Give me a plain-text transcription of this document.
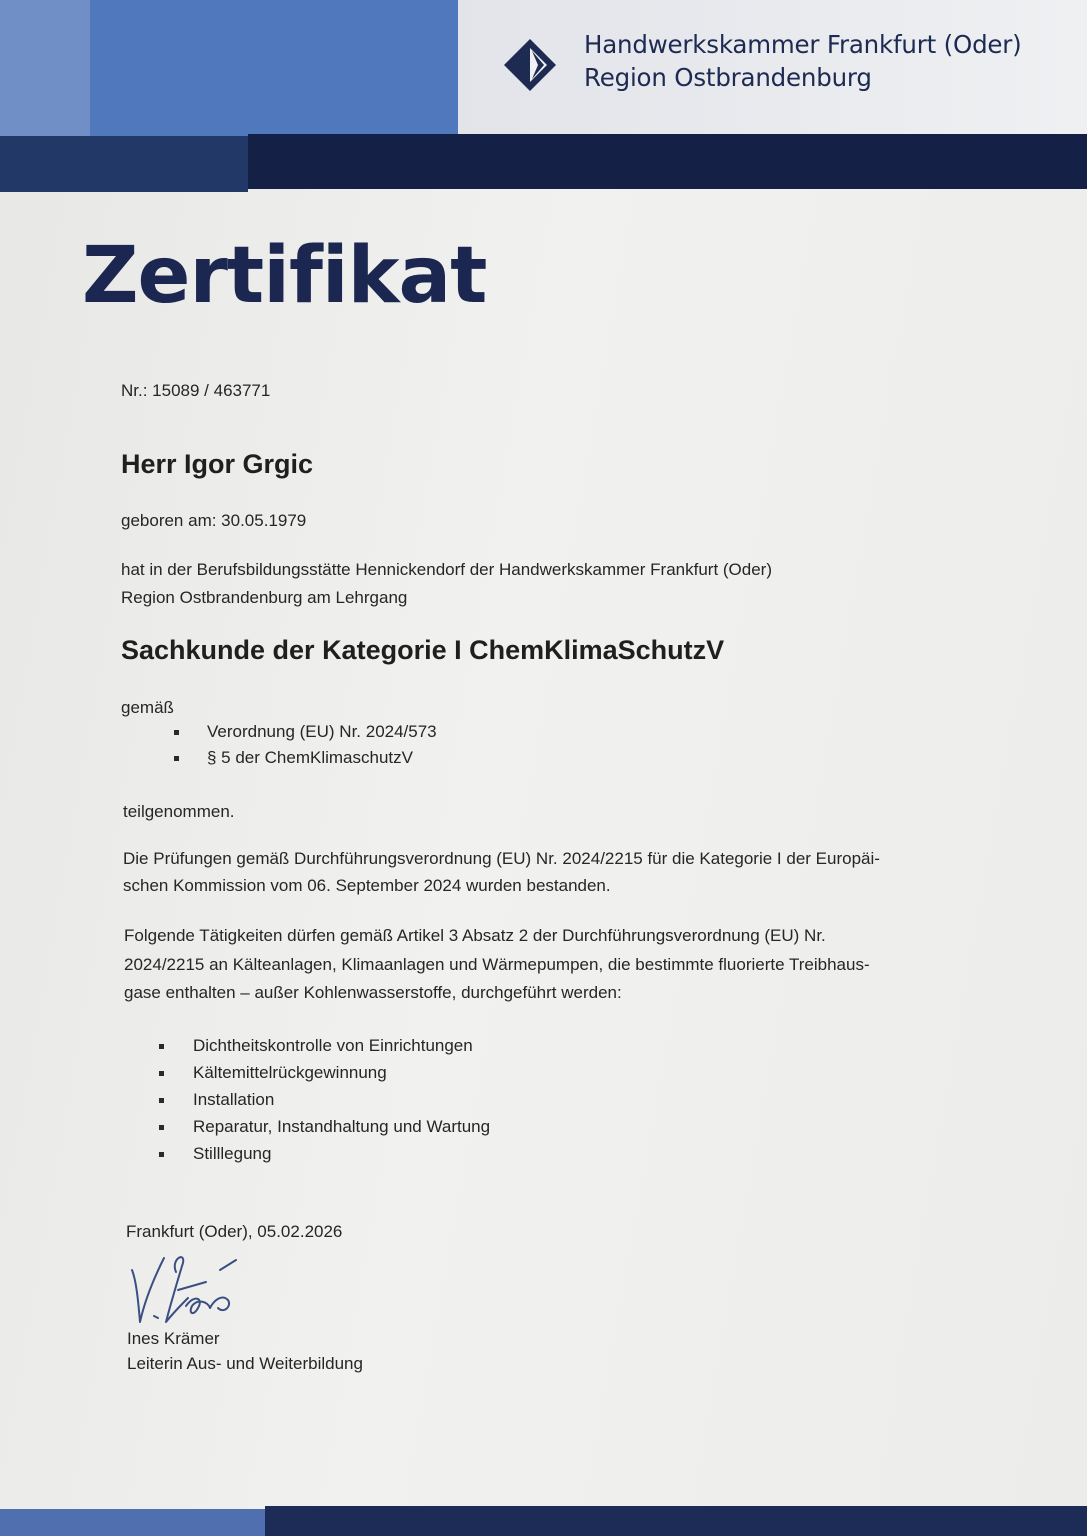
Handwerkskammer Frankfurt (Oder)
Region Ostbrandenburg
Zertifikat
Nr.: 15089 / 463771
Herr Igor Grgic
geboren am: 30.05.1979
hat in der Berufsbildungsstätte Hennickendorf der Handwerkskammer Frankfurt (Oder)
Region Ostbrandenburg am Lehrgang
Sachkunde der Kategorie I ChemKlimaSchutzV
gemäß
Verordnung (EU) Nr. 2024/573
§ 5 der ChemKlimaschutzV
teilgenommen.
Die Prüfungen gemäß Durchführungsverordnung (EU) Nr. 2024/2215 für die Kategorie I der Europäi-
schen Kommission vom 06. September 2024 wurden bestanden.
Folgende Tätigkeiten dürfen gemäß Artikel 3 Absatz 2 der Durchführungsverordnung (EU) Nr.
2024/2215 an Kälteanlagen, Klimaanlagen und Wärmepumpen, die bestimmte fluorierte Treibhaus-
gase enthalten – außer Kohlenwasserstoffe, durchgeführt werden:
Dichtheitskontrolle von Einrichtungen
Kältemittelrückgewinnung
Installation
Reparatur, Instandhaltung und Wartung
Stilllegung
Frankfurt (Oder), 05.02.2026
Ines Krämer
Leiterin Aus- und Weiterbildung
